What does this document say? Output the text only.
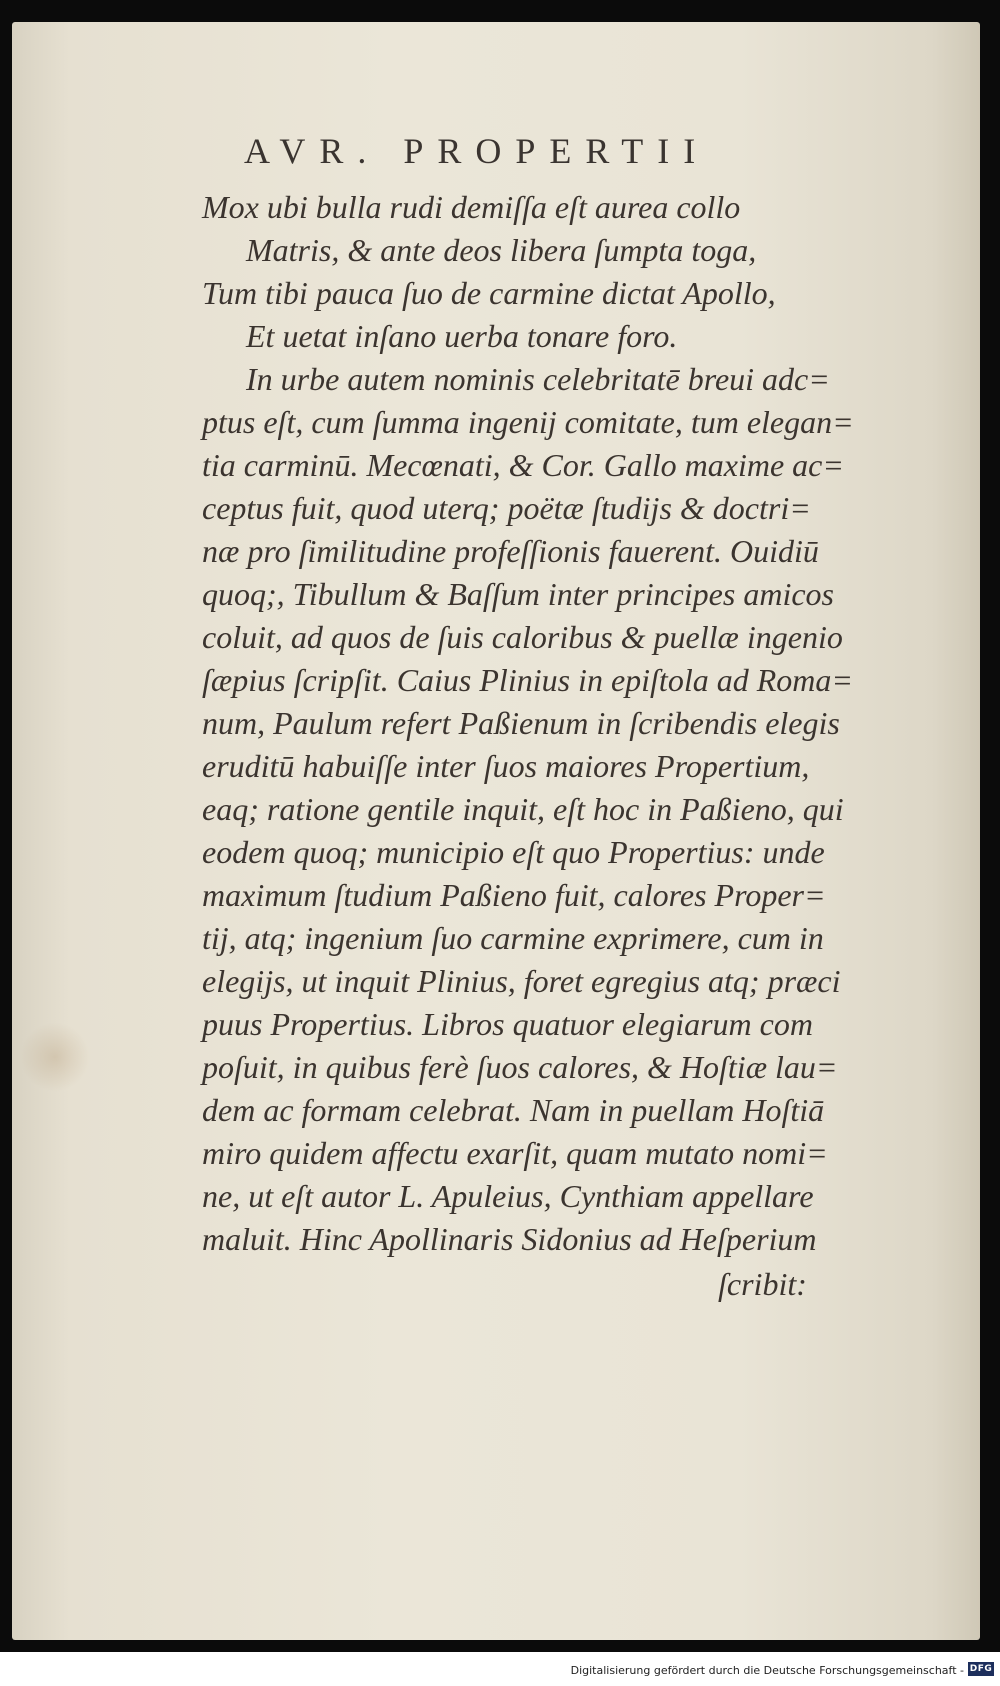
AVR. PROPERTII
Mox ubi bulla rudi demiſſa eſt aurea collo
Matris, & ante deos libera ſumpta toga,
Tum tibi pauca ſuo de carmine dictat Apollo,
Et uetat inſano uerba tonare foro.
In urbe autem nominis celebritatē breui adc=
ptus eſt, cum ſumma ingenij comitate, tum elegan=
tia carminū. Mecœnati, & Cor. Gallo maxime ac=
ceptus fuit, quod uterq; poëtæ ſtudijs & doctri=
næ pro ſimilitudine profeſſionis fauerent. Ouidiū
quoq;, Tibullum & Baſſum inter principes amicos
coluit, ad quos de ſuis caloribus & puellæ ingenio
ſæpius ſcripſit. Caius Plinius in epiſtola ad Roma=
num, Paulum refert Paßienum in ſcribendis elegis
eruditū habuiſſe inter ſuos maiores Propertium,
eaq; ratione gentile inquit, eſt hoc in Paßieno, qui
eodem quoq; municipio eſt quo Propertius: unde
maximum ſtudium Paßieno fuit, calores Proper=
tij, atq; ingenium ſuo carmine exprimere, cum in
elegijs, ut inquit Plinius, foret egregius atq; præci
puus Propertius. Libros quatuor elegiarum com
poſuit, in quibus ferè ſuos calores, & Hoſtiæ lau=
dem ac formam celebrat. Nam in puellam Hoſtiā
miro quidem affectu exarſit, quam mutato nomi=
ne, ut eſt autor L. Apuleius, Cynthiam appellare
maluit. Hinc Apollinaris Sidonius ad Heſperium
ſcribit:
Digitalisierung gefördert durch die Deutsche Forschungsgemeinschaft - DFG
